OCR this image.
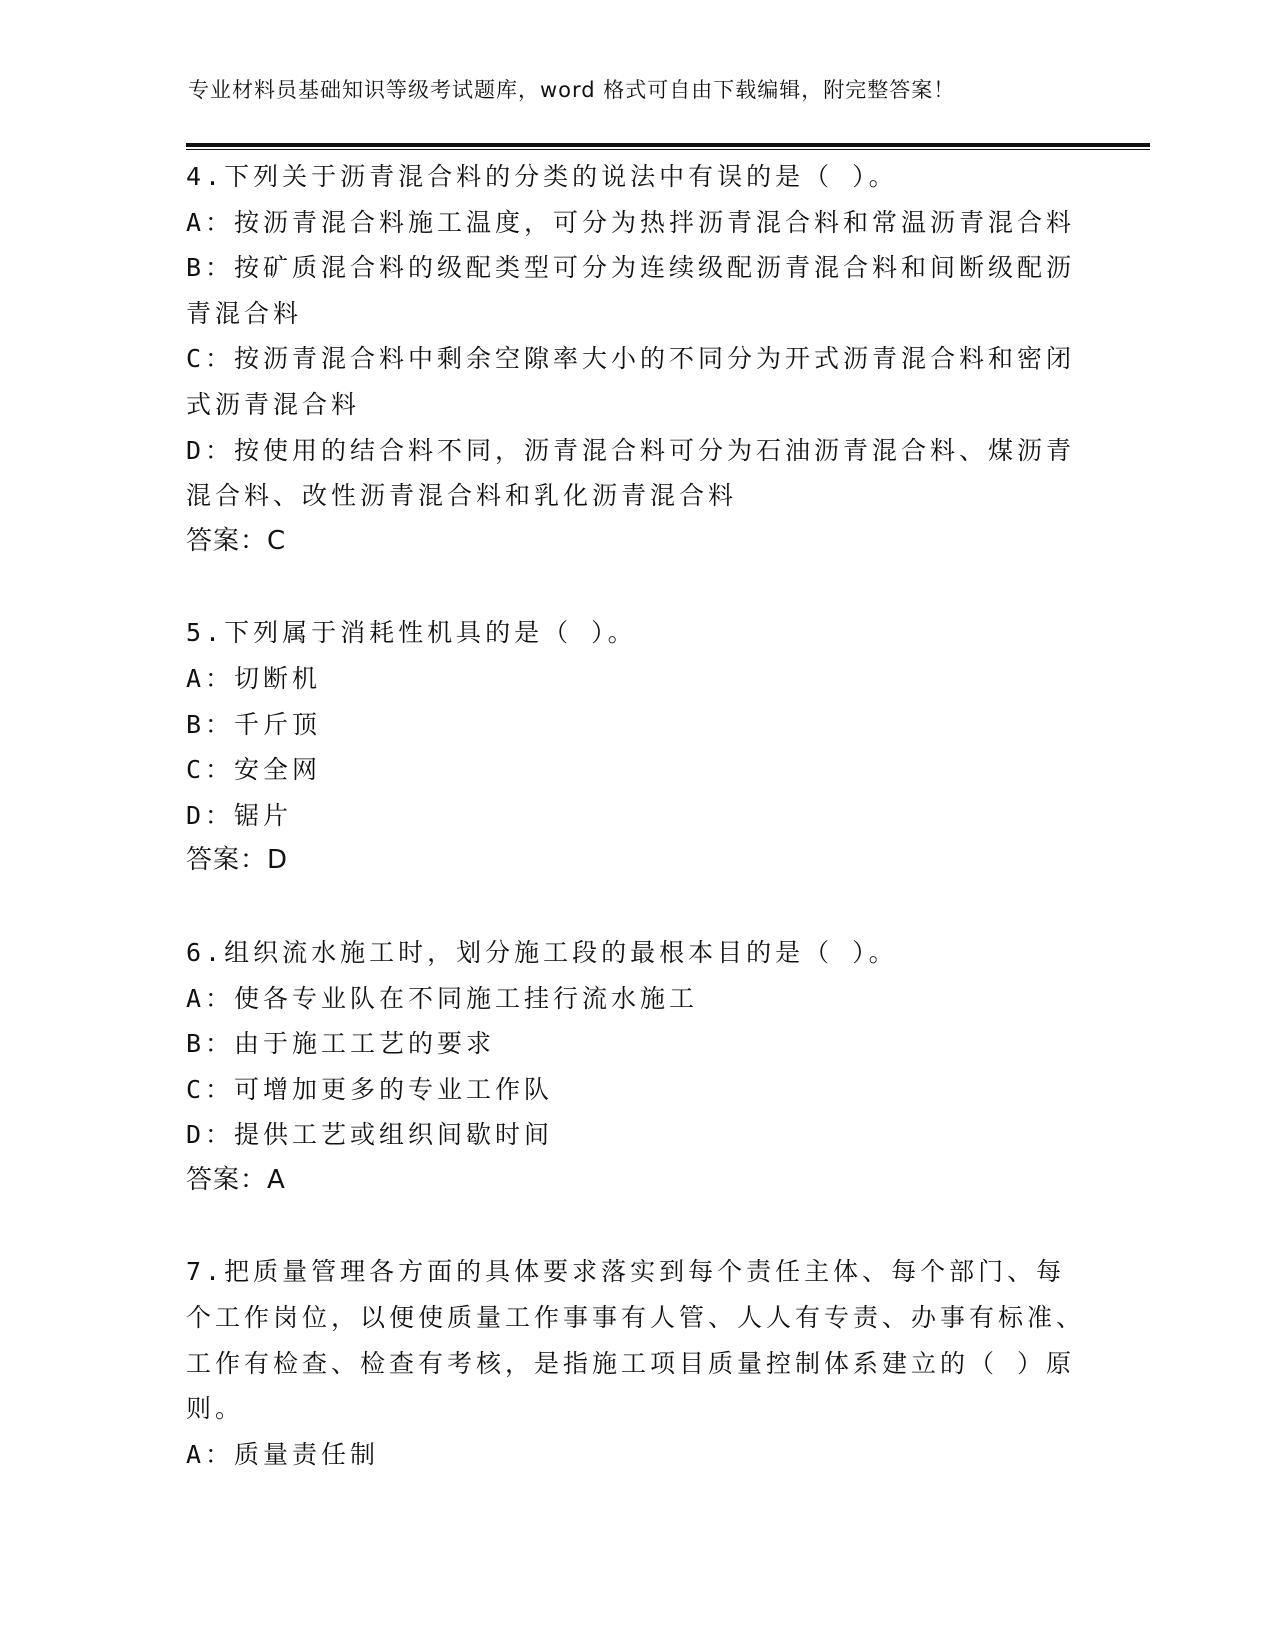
专业材料员基础知识等级考试题库，word 格式可自由下载编辑，附完整答案！
4.下列关于沥青混合料的分类的说法中有误的是（ ）。
A：按沥青混合料施工温度，可分为热拌沥青混合料和常温沥青混合料
B：按矿质混合料的级配类型可分为连续级配沥青混合料和间断级配沥青混合料
C：按沥青混合料中剩余空隙率大小的不同分为开式沥青混合料和密闭式沥青混合料
D：按使用的结合料不同，沥青混合料可分为石油沥青混合料、煤沥青混合料、改性沥青混合料和乳化沥青混合料
答案：C
5.下列属于消耗性机具的是（ ）。
A：切断机
B：千斤顶
C：安全网
D：锯片
答案：D
6.组织流水施工时，划分施工段的最根本目的是（ ）。
A：使各专业队在不同施工挂行流水施工
B：由于施工工艺的要求
C：可增加更多的专业工作队
D：提供工艺或组织间歇时间
答案：A
7.把质量管理各方面的具体要求落实到每个责任主体、每个部门、每个工作岗位，以便使质量工作事事有人管、人人有专责、办事有标准、工作有检查、检查有考核，是指施工项目质量控制体系建立的（ ）原则。
A：质量责任制
